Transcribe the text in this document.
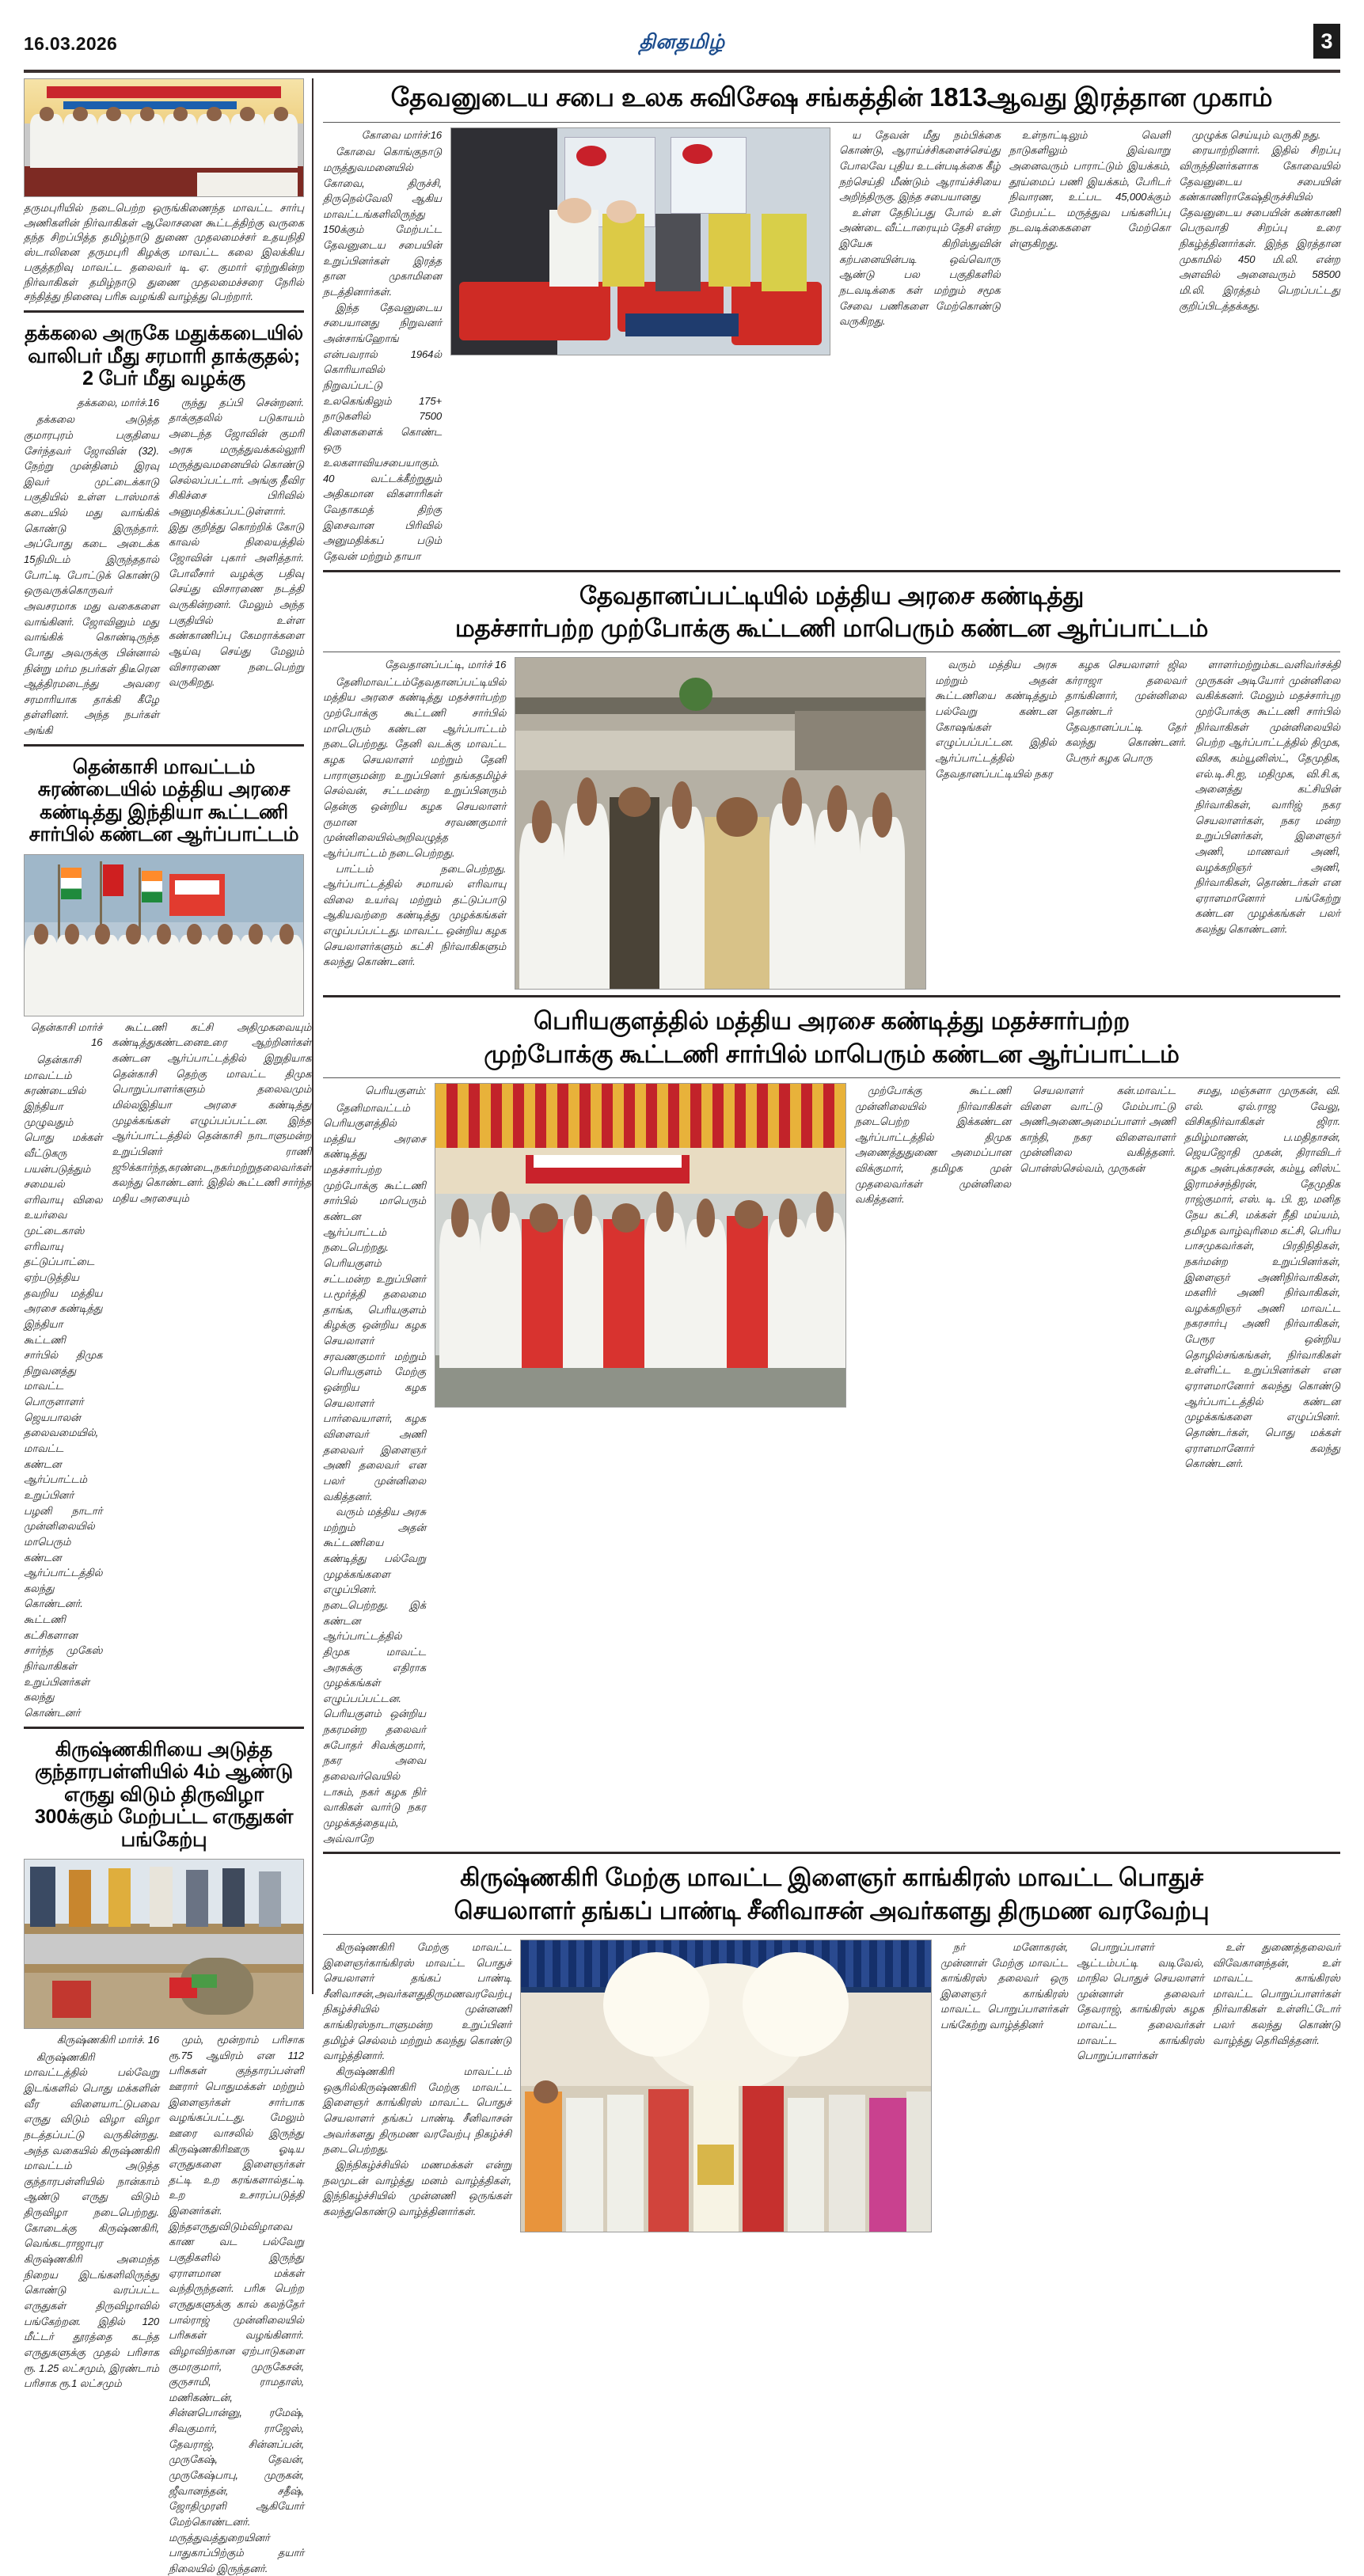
16.03.2026	தினதமிழ்	3
தருமபுரியில் நடைபெற்ற ஒருங்கிணைந்த மாவட்ட சார்பு அணிகளின் நிர்வாகிகள் ஆலோசனை கூட்டத்திற்கு வருகை தந்த சிறப்பித்த தமிழ்நாடு துணை முதலமைச்சர் உதயநிதி ஸ்டாலினை தருமபுரி கிழக்கு மாவட்ட கலை இலக்கிய பகுத்தறிவு மாவட்ட தலைவர் டி. ஏ. குமார் ஏற்றுகின்ற நிர்வாகிகள் தமிழ்நாடு துணை முதலமைச்சரை நேரில் சந்தித்து நினைவு பரிசு வழங்கி வாழ்த்து பெற்றார்.
தக்கலை அருகே மதுக்கடையில் வாலிபர் மீது சரமாரி தாக்குதல்; 2 பேர் மீது வழக்கு
தக்கலை, மார்ச்.16

தக்கலை அடுத்த குமாரபுரம் பகுதியை சேர்ந்தவர் ஜோவின் (32). நேற்று முன்தினம் இரவு இவர் முட்டைக்காடு பகுதியில் உள்ள டாஸ்மாக் கடையில் மது வாங்கிக் கொண்டு இருந்தார். அப்போது கடை அடைக்க 15நிமிடம் இருந்ததால் போட்டி போட்டுக் கொண்டு ஒருவருக்கொருவர் அவசரமாக மது வகைகளை வாங்கினர். ஜோவினும் மது வாங்கிக் கொண்டிருந்த போது அவருக்கு பின்னால் நின்று மர்ம நபர்கள் திடீரென ஆத்திரமடைந்து அவரை சரமாரியாக தாக்கி கீழே தள்ளினர். அந்த நபர்கள் அங்கி

ருந்து தப்பி சென்றனர். தாக்குதலில் படுகாயம் அடைந்த ஜோவின் குமரி அரசு மருத்துவக்கல்லூரி மருத்துவமனையில் கொண்டு செல்லப்பட்டார். அங்கு தீவிர சிகிச்சை பிரிவில் அனுமதிக்கப்பட்டுள்ளார். இது குறித்து கொற்றிக் கோடு காவல் நிலையத்தில் ஜோவின் புகார் அளித்தார். போலீசார் வழக்கு பதிவு செய்து விசாரணை நடத்தி வருகின்றனர். மேலும் அந்த பகுதியில் உள்ள கண்காணிப்பு கேமராக்களை ஆய்வு செய்து மேலும் விசாரணை நடைபெற்று வருகிறது.

தென்காசி மாவட்டம் சுரண்டையில் மத்திய அரசை கண்டித்து இந்தியா கூட்டணி சார்பில் கண்டன ஆர்ப்பாட்டம்
தென்காசி மார்ச் 16

தென்காசி மாவட்டம் சுரண்டையில் இந்தியா முழுவதும் பொது மக்கள் வீட்டுகரு பயன்படுத்தும் சமையல் எரிவாயு விலை உயர்வை முட்டைகாஸ் எரிவாயு தட்டுப்பாட்டை ஏற்படுத்திய தவறிய மத்திய அரசை கண்டித்து இந்தியா கூட்டணி சார்பில் திமுக நிறுவனத்து மாவட்ட பொருளாளர் ஜெயபாலன் தலைவமையில், மாவட்ட கண்டன ஆர்ப்பாட்டம் உறுப்பினர் பழனி நாடார் முன்னிலையில் மாபெரும் கண்டன ஆர்ப்பாட்டத்தில் கலந்து கொண்டனர். கூட்டணி கட்சிகளான சார்ந்த முகேஸ் நிர்வாகிகள் உறுப்பினர்கள் கலந்து கொண்டனர்

கூட்டணி கட்சி அதிமுகவையும் கண்டித்துகண்டனைஉரை ஆற்றினர்கள் கண்டன ஆர்ப்பாட்டத்தில் இறுதியாக தென்காசி தெற்கு மாவட்ட திமுக பொறுப்பாளர்களும் தலைவமும் மில்லஇதியா அரசை கண்டித்து முழக்கங்கள் எழுப்பப்பட்டன. இந்த ஆர்ப்பாட்டத்தில் தென்காசி நாடாளுமன்ற உறுப்பினர் ராணி ஜூக்கார்ந்த,கரண்டை,நகர்மற்றுதலைவர்கள் கலந்து கொண்டனர். இதில் கூட்டணி சார்ந்த மதிய அரசையும்

கிருஷ்ணகிரியை அடுத்த குந்தாரபள்ளியில் 4ம் ஆண்டு எருது விடும் திருவிழா 300க்கும் மேற்பட்ட எருதுகள் பங்கேற்பு
கிருஷ்ணகிரி மார்ச். 16

கிருஷ்ணகிரி மாவட்டத்தில் பல்வேறு இடங்களில் பொது மக்களின் வீர விளையாட்டுபவை எருது விடும் விழா விழா நடத்தப்பட்டு வருகின்றது. அந்த வகையில் கிருஷ்ணகிரி மாவட்டம் அடுத்த குந்தாரபள்ளியில் நான்காம் ஆண்டு எருது விடும் திருவிழா நடைபெற்றது. கோடைக்கு கிருஷ்ணகிரி, வெங்கடராஜாபுர கிருஷ்ணகிரி அமைந்த நிறைய இடங்களிலிருந்து கொண்டு வரப்பட்ட எருதுகள் திருவிழாவில் பங்கேற்றன. இதில் 120 மீட்டர் தூரத்தை கடந்த எருதுகளுக்கு முதல் பரிசாக ரூ. 1.25 லட்சமும், இரண்டாம் பரிசாக ரூ.1 லட்சமும்

மும், மூன்றாம் பரிசாக ரூ.75 ஆயிரம் என 112 பரிசுகள் குந்தாரப்பள்ளி ஊரார் பொதுமக்கள் மற்றும் இளைஞர்கள் சார்பாக வழங்கப்பட்டது. மேலும் ஊரை வாசலில் இருந்து கிருஷ்ணகிரிஊரு ஓடிய எருதுகளை இளைஞர்கள் தட்டி உற கரங்களால்தட்டி உற உசாரப்படுத்தி இனைர்கள். இந்தஎருதுவிடும்விழாவை காண வட பல்வேறு பகுதிகளில் இருந்து ஏராளமான மக்கள் வந்திருந்தனர். பரிசு பெற்ற எருதுகளுக்கு கால் கலந்தேர் பால்ராஜ் முன்னிலையில் பரிசுகள் வழங்கினார். விழாவிற்கான ஏற்பாடுகளை குமரகுமார், முருகேசன், குருசாமி, ராமதாஸ், மணிகண்டன், சின்னபொன்னு, ரமேஷ், சிவகுமார், ராஜேஸ், தேவராஜ், சின்னப்பன், முருகேஷ், தேவன், முருகேஷ்பாபு, முருகன், ஜீவானந்தன், சதீஷ், ஜோதிமுரளி ஆகியோர் மேற்கொண்டனர். மருத்துவத்துறையினர் பாதுகாப்பிற்கும் தயார் நிலையில் இருந்தனர்.

தேவனுடைய சபை உலக சுவிசேஷ சங்கத்தின் 1813ஆவது இரத்தான முகாம்
கோவை மார்ச்:16

கோவை கொங்குநாடு மருத்துவமனையில் கோவை, திருச்சி, திருநெல்வேலி ஆகிய மாவட்டங்களிலிருந்து 150க்கும் மேற்பட்ட தேவனுடைய சபையின் உறுப்பினர்கள் இரத்த தான முகாமினை நடத்தினார்கள்.

இந்த தேவனுடைய சபையானது நிறுவனர் அன்சாங்ஹோங் என்பவரால் 1964ல் கொரியாவில் நிறுவப்பட்டு உலகெங்கிலும் 175+ நாடுகளில் 7500 கிளைகளைக் கொண்ட ஒரு உலகளாவியசபையாகும். 40 வட்டக்கீற்றுதும் அதிகமான விகளாரிகள் வேதாகமத் திற்கு இசைவான பிரிவில் அனுமதிக்கப் படும் தேவன் மற்றும் தாயா

ய தேவன் மீது நம்பிக்கை கொண்டு, ஆராய்ச்சிகளைச்செய்து போலவே புதிய உடன்படிக்கை கீழ் நற்செய்தி மீண்டும் ஆராய்ச்சியை அறிந்திருகு. இந்த சபையானது

உள்ள தேநிப்பது போல் உள் அண்டை வீட்டாரையும் தேசி என்ற இயேசு கிறிஸ்துவின் கற்பனையின்படி ஒவ்வொரு ஆண்டு பல பகுதிகளில் நடவடிக்கை கள் மற்றும் சமூக சேவை பணிகளை மேற்கொண்டு வருகிறது.

உள்நாட்டிலும் வெளி நாடுகளிலும் இவ்வாறு அனைவரும் பாராட்டும் இயக்கம், தூய்மைப் பணி இயக்கம், பேரிடர் நிவாரண, உட்பட 45,000க்கும் மேற்பட்ட மருத்துவ பங்களிப்பு நடவடிக்கைகளை மேற்கொ ள்ளுகிறது.

முழுக்க செய்யும் வருகி நது.

ரையாற்றினார். இதில் சிறப்பு விருந்தினர்களாக கோவையில் தேவனுடைய சபையின் கண்காணிராகேஷ்திருச்சியில் தேவனுடைய சபையின் கண்காணி பெருவாதி சிறப்பு உரை நிகழ்த்தினார்கள். இந்த இரத்தான முகாமில் 450 மி.லி. என்ற அளவில் அனைவரும் 58500 மி.லி. இரத்தம் பெறப்பட்டது குறிப்பிடத்தக்கது.

தேவதானப்பட்டியில் மத்திய அரசை கண்டித்து
மதச்சார்பற்ற முற்போக்கு கூட்டணி மாபெரும் கண்டன ஆர்ப்பாட்டம்
தேவதானப்பட்டி, மார்ச் 16

தேனிமாவட்டம்தேவதானப்பட்டியில் மத்திய அரசை கண்டித்து மதச்சார்பற்ற முற்போக்கு கூட்டணி சார்பில் மாபெரும் கண்டன ஆர்ப்பாட்டம் நடைபெற்றது. தேனி வடக்கு மாவட்ட கழக செயலாளர் மற்றும் தேனி பாராளுமன்ற உறுப்பினர் தங்கதமிழ்ச் செல்வன், சட்டமன்ற உறுப்பினரும் தென்கு ஒன்றிய கழக செயலாளர் ருமான சரவணகுமார் முன்னிலையில்அறிவழுத்த ஆர்ப்பாட்டம் நடைபெற்றது.

பாட்டம் நடைபெற்றது. ஆர்ப்பாட்டத்தில் சமாயல் எரிவாயு விலை உயர்வு மற்றும் தட்டுப்பாடு ஆகியவற்றை கண்டித்து முழக்கங்கள் எழுப்பப்பட்டது. மாவட்ட ஒன்றிய கழக செயலாளர்களும் கட்சி நிர்வாகிகளும் கலந்து கொண்டனர்.

வரும் மத்திய அரசு மற்றும் அதன் கூட்டணியை கண்டித்தும் பல்வேறு கண்டன கோஷங்கள் எழுப்பப்பட்டன. இதில் ஆர்ப்பாட்டத்தில் தேவதானப்பட்டியில் நகர

கழக செயலாளர் ஜில கர்ராஜா தலைவர் தாங்கினார், முன்னிலை தொண்டர் தேவதானப்பட்டி தேர் கலந்து கொண்டனர். பேரூர் கழக பொரு

ளாளர்மற்றும்கடவளிவர்சக்தி முருகன் அடியோர் முன்னிலை வகிக்கனர். மேலும் மதச்சார்புற முற்போக்கு கூட்டணி சார்பில் நிர்வாகிகள் முன்னிலையில் பெற்ற ஆர்ப்பாட்டத்தில் திமுக, விசக, கம்யூனிஸ்ட், தேமுதிக, எல்.டி.சி.ஐ, மதிமுக, வி.சி.க, அனைத்து கட்சியின் நிர்வாகிகள், வாரிஜ் நகர செயலாளர்கள், நகர மன்ற உறுப்பினர்கள், இளைஞர் அணி, மாணவர் அணி, வழக்கறிஞர் அணி, நிர்வாகிகள், தொண்டர்கள் என ஏராளமானோர் பங்கேற்று கண்டன முழக்கங்கள் பலர் கலந்து கொண்டனர்.

பெரியகுளத்தில் மத்திய அரசை கண்டித்து மதச்சார்பற்ற
முற்போக்கு கூட்டணி சார்பில் மாபெரும் கண்டன ஆர்ப்பாட்டம்
பெரியகுளம்:

தேனிமாவட்டம் பெரியகுளத்தில் மத்திய அரசை கண்டித்து மதச்சார்பற்ற முற்போக்கு கூட்டணி சார்பில் மாபெரும் கண்டன ஆர்ப்பாட்டம் நடைபெற்றது. பெரியகுளம் சட்டமன்ற உறுப்பினர் ப.மூர்த்தி தலைமை தாங்க, பெரியகுளம் கிழக்கு ஒன்றிய கழக செயலாளர் சரவணகுமார் மற்றும் பெரியகுளம் மேற்கு ஒன்றிய கழக செயலாளர் பார்வையாளர், கழக விளைவர் அணி தலைவர் இளைஞர் அணி தலைவர் என பலர் முன்னிலை வகித்தனர்.

வரும் மத்திய அரசு மற்றும் அதன் கூட்டணியை கண்டித்து பல்வேறு முழக்கங்களை எழுப்பினர். நடைபெற்றது. இக் கண்டன ஆர்ப்பாட்டத்தில் திமுக மாவட்ட அரசுக்கு எதிராக முழக்கங்கள் எழுப்பப்பட்டன. பெரியகுளம் ஒன்றிய நகரமன்ற தலைவர் சுபோதர் சிவக்குமார், நகர அவை தலைவர்வெயில் டாசும், நகர் கழக நிர் வாகிகள் வார்டு நகர முழக்கத்தையும், அவ்வாறே

முற்போக்கு கூட்டணி முன்னிலையில் நிர்வாகிகள் நடைபெற்ற இக்கண்டன ஆர்ப்பாட்டத்தில் திமுக அணைத்துதுணை அமைப்பான விக்குமார், தமிழக முன் முதலைவர்கள் முன்னிலை வகித்தனர்.

செயலாளர் கன்.மாவட்ட விளை வாட்டு மேம்பாட்டு அணிஅணைஅமைப்பாளர் அணி காந்தி, நகர விளைவாளர் முன்னிலை வகித்தனர். பொன்ஸ்செல்வம், முருகன்

சமது, மஞ்சுளா முருகன், வி. எல். ஏல்.ராஜ வேலு, விசிகநிர்வாகிகள் ஜிரா. தமிழ்மாணன், ப.மதிதாசன், ஜெயஜோதி முகன், திராவிடர் கழக அன்புக்கரசன், கம்யூ னிஸ்ட் இராமச்சந்திரன், தேமுதிக ராஜ்குமார், எஸ். டி. பி. ஐ, மனித நேய கட்சி, மக்கள் நீதி மய்யம், தமிழக வாழ்வுரிமை கட்சி, பெரிய பாசமுகவர்கள், பிரதிநிதிகள், நகர்மன்ற உறுப்பினர்கள், இளைஞர் அணிநிர்வாகிகள், மகளிர் அணி நிர்வாகிகள், வழக்கறிஞர் அணி மாவட்ட நகரசார்பு அணி நிர்வாகிகள், பேரூர ஒன்றிய தொழில்சங்கங்கள், நிர்வாகிகள் உள்ளிட்ட உறுப்பினர்கள் என ஏராளமானோர் கலந்து கொண்டு ஆர்ப்பாட்டத்தில் கண்டன முழக்கங்களை எழுப்பினர். தொண்டர்கள், பொது மக்கள் ஏராளமானோர் கலந்து கொண்டனர்.

கிருஷ்ணகிரி மேற்கு மாவட்ட இளைஞர் காங்கிரஸ் மாவட்ட பொதுச்
செயலாளர் தங்கப் பாண்டி சீனிவாசன் அவர்களது திருமண வரவேற்பு

கிருஷ்ணகிரி மேற்கு மாவட்ட இளைஞர்காங்கிரஸ் மாவட்ட பொதுச் செயலாளர் தங்கப் பாண்டி சீனிவாசன்,அவர்களதுதிருமணவரவேற்பு நிகழ்ச்சியில் முன்னணி காங்கிரஸ்நாடாளுமன்ற உறுப்பினர் தமிழ்ச் செல்லம் மற்றும் கலந்து கொண்டு வாழ்த்தினார்.

கிருஷ்ணகிரி மாவட்டம் ஒசூரில்கிருஷ்ணகிரி மேற்கு மாவட்ட இளைஞர் காங்கிரஸ் மாவட்ட பொதுச் செயலாளர் தங்கப் பாண்டி சீனிவாசன் அவர்களது திருமண வரவேற்பு நிகழ்ச்சி நடைபெற்றது.

இந்நிகழ்ச்சியில் மணமக்கள் என்று நலமுடன் வாழ்த்து மனம் வாழ்த்திகள், இந்நிகழ்ச்சியில் முன்னணி ஒருங்கள் கலந்துகொண்டு வாழ்த்தினார்கள்.

நர் மனோகரன், முன்னாள் மேற்கு மாவட்ட காங்கிரஸ் தலைவர் ஒரு இளைஞர் காங்கிரஸ் மாவட்ட பொறுப்பாளர்கள் பங்கேற்று வாழ்த்தினர்

பொறுப்பாளர் ஆட்டம்பட்டி வடிவேல், மாநில பொதுச் செயலாளர் முன்னாள் தலைவர் தேவராஜ், காங்கிரஸ் கழக மாவட்ட தலைவர்கள் மாவட்ட காங்கிரஸ் பொறுப்பாளர்கள்

உள் துணைத்தலைவர் விவேகானந்தன், உள் மாவட்ட காங்கிரஸ் மாவட்ட பொறுப்பாளர்கள் நிர்வாகிகள் உள்ளிட்டோர் பலர் கலந்து கொண்டு வாழ்த்து தெரிவித்தனர்.
